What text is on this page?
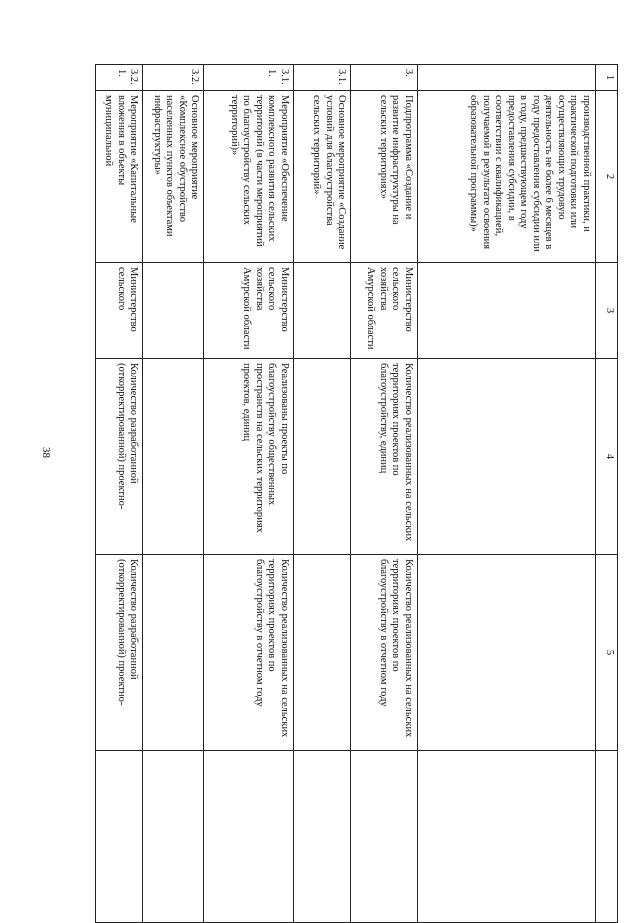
38
1	2	3	4	5	
	производственной практики, и практической подготовки или осуществляющих трудовую деятельность не более 6 месяцев в году предоставления субсидии или в году, предшествующем году предоставления субсидии, в соответствии с квалификацией, получаемой в результате освоения образовательной программы)»				
3.	Подпрограмма «Создание и развитие инфраструктуры на сельских территориях»	Министерство сельского хозяйства Амурской области	Количество реализованных на сельских территориях проектов по благоустройству, единиц	Количество реализованных на сельских территориях проектов по благоустройству в отчетном году	
3.1.	Основное мероприятие «Создание условий для благоустройства сельских территорий»				
3.1.1.	Мероприятие «Обеспечение комплексного развития сельских территорий (в части мероприятий по благоустройству сельских территорий)»	Министерство сельского хозяйства Амурской области	Реализованы проекты по благоустройству общественных пространств на сельских территориях проектов, единиц	Количество реализованных на сельских территориях проектов по благоустройству в отчетном году	
3.2.	Основное мероприятие «Комплексное обустройство населенных пунктов объектами инфраструктуры»				
3.2.1.	Мероприятие «Капитальные вложения в объекты муниципальной	Министерство сельского	Количество разработанной (откорректированной) проектно-	Количество разработанной (откорректированной) проектно-	
